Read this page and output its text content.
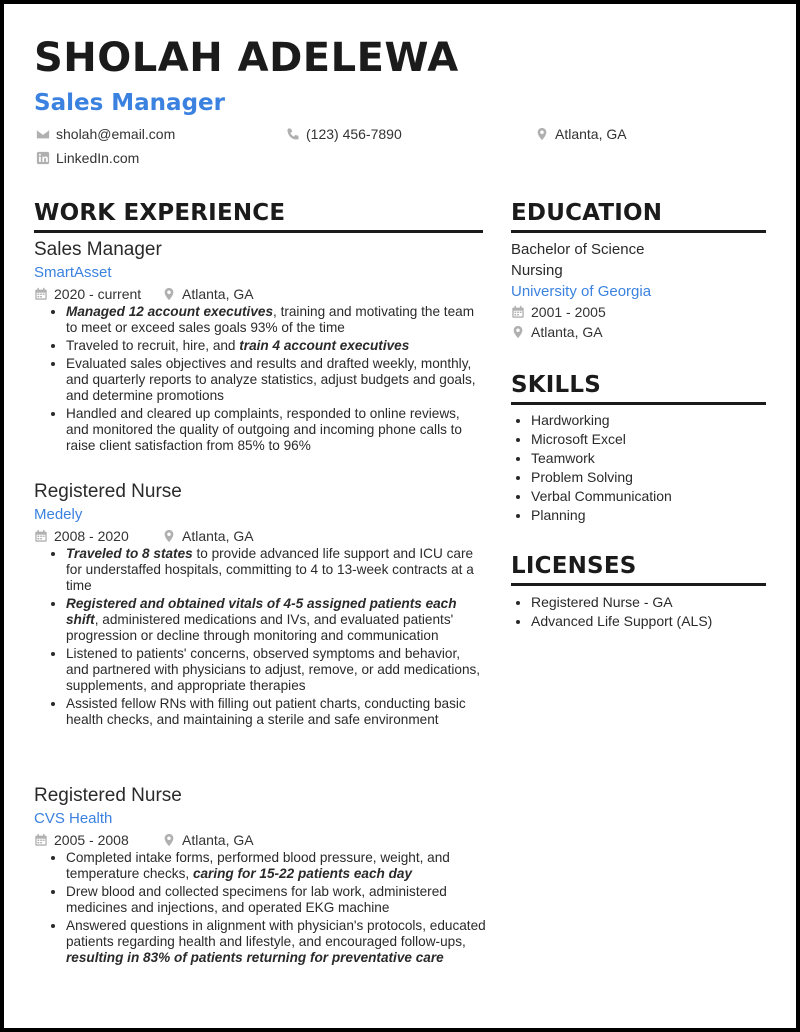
SHOLAH ADELEWA
Sales Manager
sholah@email.com	(123) 456-7890	Atlanta, GA
LinkedIn.com
WORK EXPERIENCE

Sales Manager

SmartAsset

2020 - current	Atlanta, GA
• Managed 12 account executives, training and motivating the team to meet or exceed sales goals 93% of the time
• Traveled to recruit, hire, and train 4 account executives
• Evaluated sales objectives and results and drafted weekly, monthly, and quarterly reports to analyze statistics, adjust budgets and goals, and determine promotions
• Handled and cleared up complaints, responded to online reviews, and monitored the quality of outgoing and incoming phone calls to raise client satisfaction from 85% to 96%

Registered Nurse

Medely

2008 - 2020	Atlanta, GA
• Traveled to 8 states to provide advanced life support and ICU care for understaffed hospitals, committing to 4 to 13-week contracts at a time
• Registered and obtained vitals of 4-5 assigned patients each shift, administered medications and IVs, and evaluated patients' progression or decline through monitoring and communication
• Listened to patients' concerns, observed symptoms and behavior, and partnered with physicians to adjust, remove, or add medications, supplements, and appropriate therapies
• Assisted fellow RNs with filling out patient charts, conducting basic health checks, and maintaining a sterile and safe environment

Registered Nurse

CVS Health

2005 - 2008	Atlanta, GA
• Completed intake forms, performed blood pressure, weight, and temperature checks, caring for 15-22 patients each day
• Drew blood and collected specimens for lab work, administered medicines and injections, and operated EKG machine
• Answered questions in alignment with physician's protocols, educated patients regarding health and lifestyle, and encouraged follow-ups, resulting in 83% of patients returning for preventative care
EDUCATION

Bachelor of Science

Nursing

University of Georgia

2001 - 2005
Atlanta, GA
SKILLS
• Hardworking
• Microsoft Excel
• Teamwork
• Problem Solving
• Verbal Communication
• Planning
LICENSES
• Registered Nurse - GA
• Advanced Life Support (ALS)
